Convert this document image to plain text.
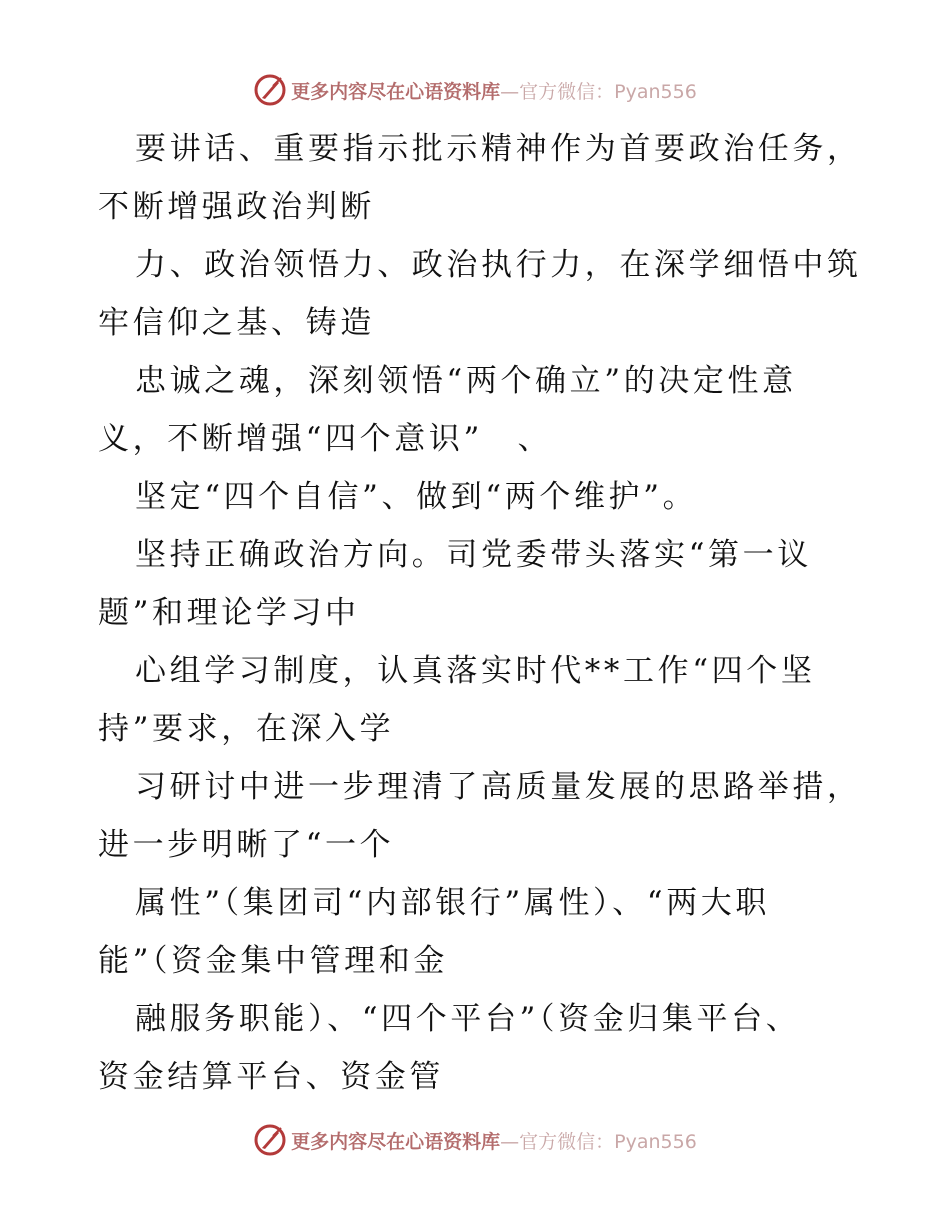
更多内容尽在心语资料库—官方微信：Pyan556
要讲话、重要指示批示精神作为首要政治任务，
不断增强政治判断
力、政治领悟力、政治执行力，在深学细悟中筑
牢信仰之基、铸造
忠诚之魂，深刻领悟“两个确立”的决定性意
义，不断增强“四个意识”　、
坚定“四个自信”、做到“两个维护”。
坚持正确政治方向。司党委带头落实“第一议
题”和理论学习中
心组学习制度，认真落实时代**工作“四个坚
持”要求，在深入学
习研讨中进一步理清了高质量发展的思路举措，
进一步明晰了“一个
属性”（集团司“内部银行”属性）、“两大职
能”（资金集中管理和金
融服务职能）、“四个平台”（资金归集平台、
资金结算平台、资金管
更多内容尽在心语资料库—官方微信：Pyan556
